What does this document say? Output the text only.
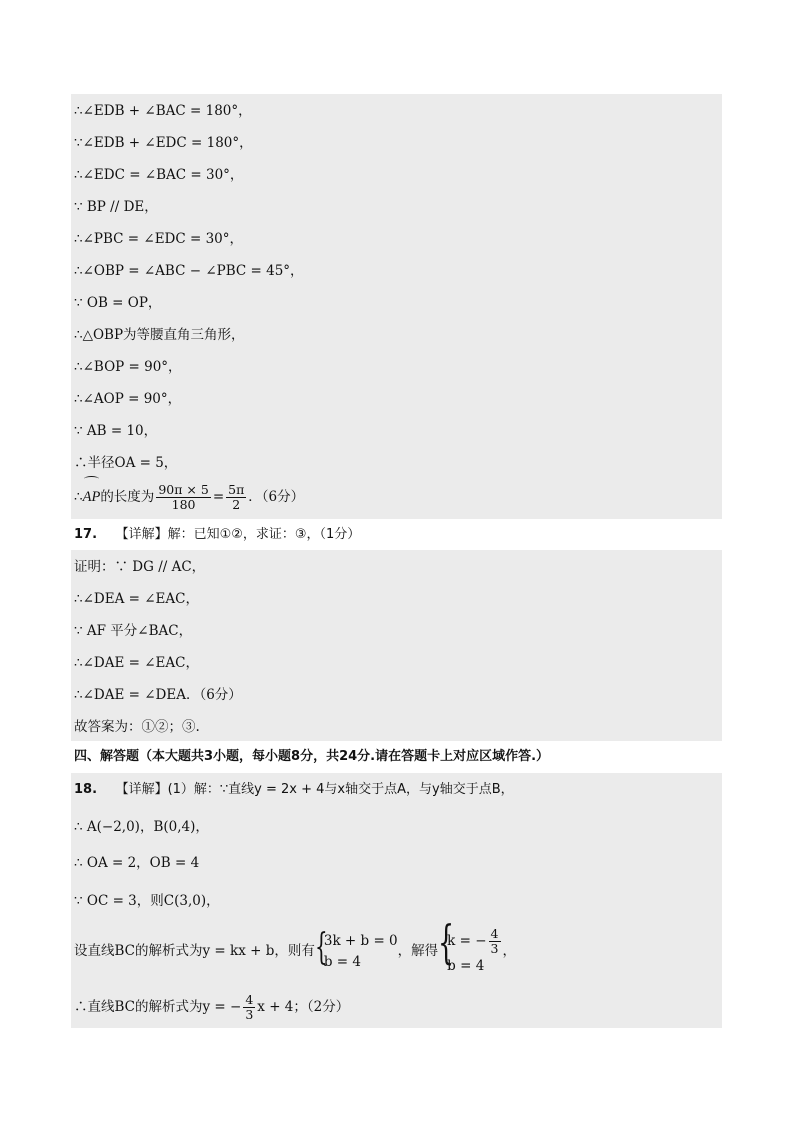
∴∠EDB + ∠BAC = 180°，
∵∠EDB + ∠EDC = 180°，
∴∠EDC = ∠BAC = 30°，
∵ BP // DE，
∴∠PBC = ∠EDC = 30°，
∴∠OBP = ∠ABC − ∠PBC = 45°，
∵ OB = OP，
∴△OBP为等腰直角三角形，
∴∠BOP = 90°，
∴∠AOP = 90°，
∵ AB = 10，
∴半径OA = 5，
∴AP的长度为 $\frac{90\pi \times 5}{180} = \frac{5\pi}{2}$ ．（6分）
17. 【详解】解：已知①②，求证：③，（1分）
证明：∵ DG // AC，
∴∠DEA = ∠EAC，
∵ AF 平分∠BAC，
∴∠DAE = ∠EAC，
∴∠DAE = ∠DEA．（6分）
故答案为：①②；③.
四、解答题（本大题共3小题，每小题8分，共24分.请在答题卡上对应区域作答.）
18. 【详解】(1）解：∵直线y = 2x + 4与x轴交于点A，与y轴交于点B，
∴ A(−2,0)，B(0,4)，
∴ OA = 2，OB = 4
∵ OC = 3，则C(3,0)，
设直线BC的解析式为y = kx + b，则有 {
3k + b = 0
b = 4
，解得 {
k = − $\frac{4}{3}$
b = 4
，
∴直线BC的解析式为y = − $\frac{4}{3}$ x + 4；（2分）
